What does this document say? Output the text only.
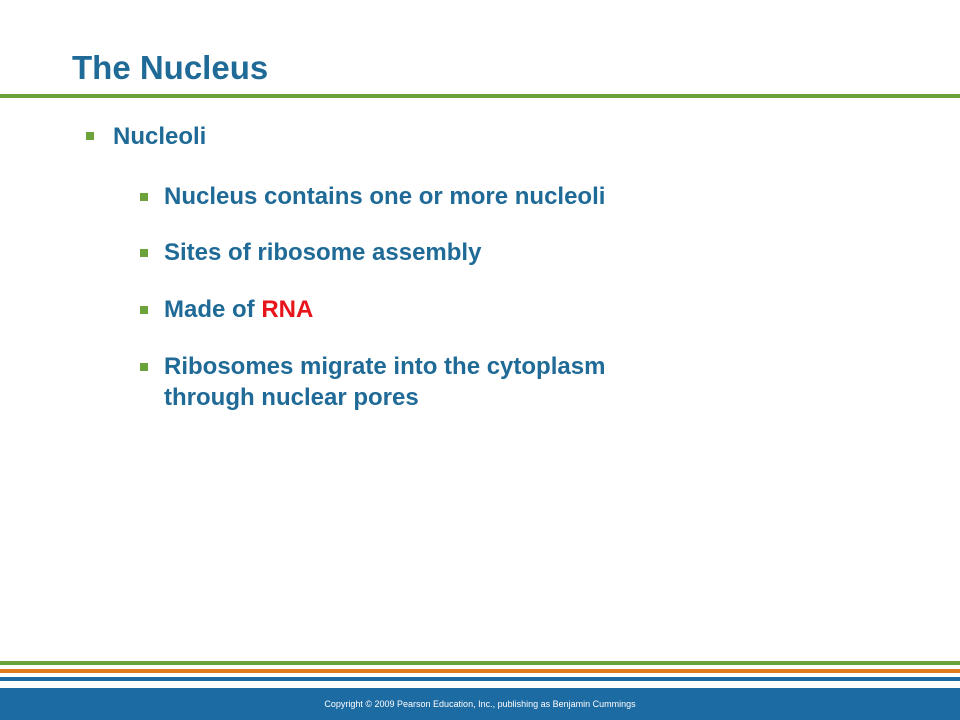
The Nucleus
Nucleoli
Nucleus contains one or more nucleoli
Sites of ribosome assembly
Made of RNA
Ribosomes migrate into the cytoplasm
through nuclear pores
Copyright © 2009 Pearson Education, Inc., publishing as Benjamin Cummings
